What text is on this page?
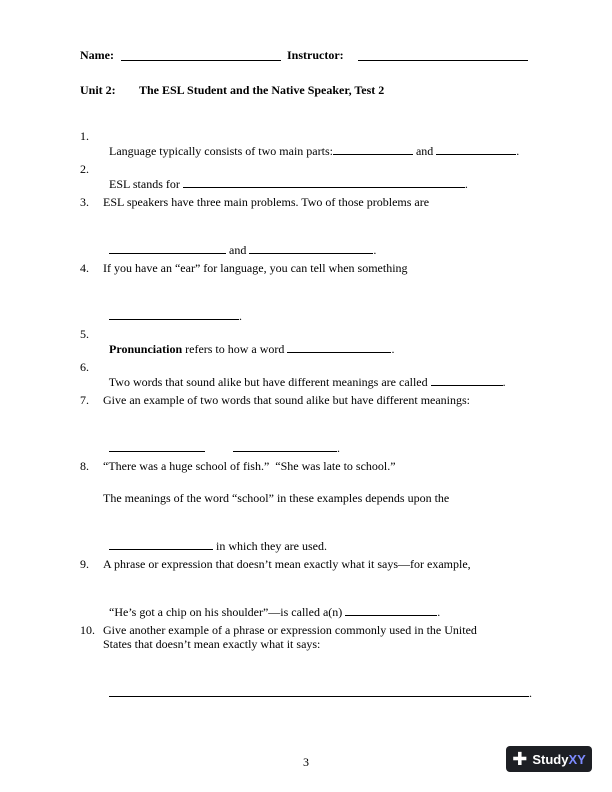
Name:	Instructor:
Unit 2: The ESL Student and the Native Speaker, Test 2
1.

Language typically consists of two main parts:	and	.

2.

ESL stands for	.

3. ESL speakers have three main problems. Two of those problems are

and	.

4. If you have an “ear” for language, you can tell when something

.

5.

Pronunciation refers to how a word	.

6.

Two words that sound alike but have different meanings are called	.

7. Give an example of two words that sound alike but have different meanings:

.

8. “There was a huge school of fish.”  “She was late to school.”
The meanings of the word “school” in these examples depends upon the

in which they are used.

9. A phrase or expression that doesn’t mean exactly what it says—for example,

“He’s got a chip on his shoulder”—is called a(n)	.

10. Give another example of a phrase or expression commonly used in the United
States that doesn’t mean exactly what it says:

.

3	✚ Study XY
